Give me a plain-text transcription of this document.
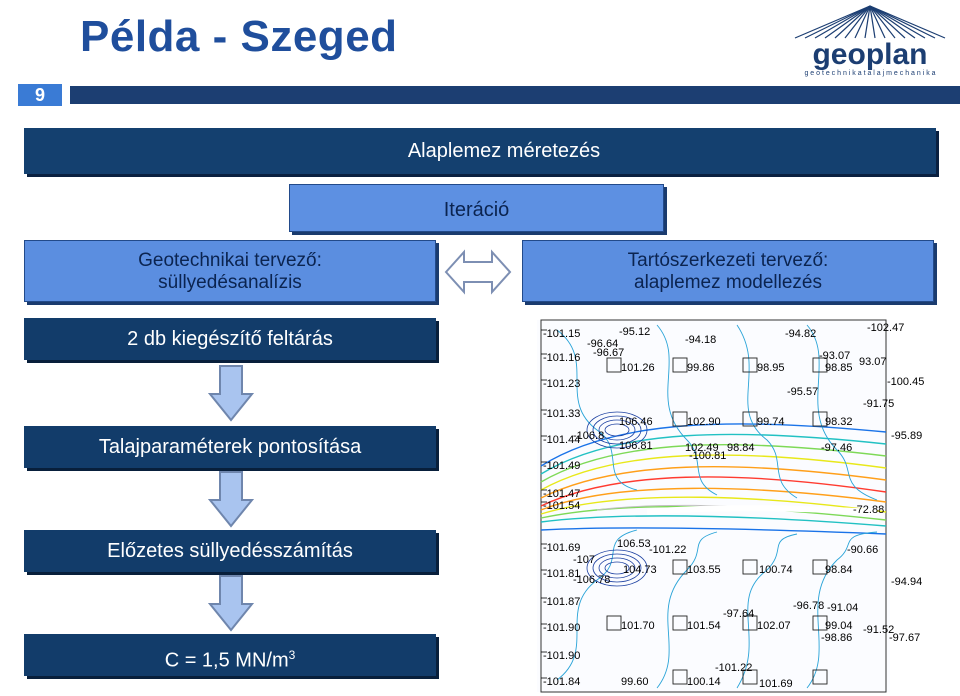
Példa - Szeged
9
geoplan
g e o t e c h n i k a t a l a j m e c h a n i k a
Alaplemez méretezés
Iteráció
Geotechnikai tervező:
süllyedésanalízis
Tartószerkezeti tervező:
alaplemez modellezés
2 db kiegészítő feltárás
Talajparaméterek pontosítása
Előzetes süllyedésszámítás
C = 1,5 $MN/m^3$
-101.15	-95.12
-96.64
-96.67
-94.18	-94.82	-102.47
-101.16	-93.07
101.26	99.86	98.95	98.85 93.07
-101.23	-100.45
-95.57
-91.75
-101.33
106.46	102.90	99.74	98.32
-101.44
-106.8
106.81	102.49 98.84	-97.46
-100.81
-95.89
-101.49
-101.47
-101.54	-72.88
-101.69	106.53
-101.22	-90.66
-107
-101.81	104.73	103.55	100.74	98.84
-106.78	-94.94
-101.87	-96.78 -91.04
-97.64
-101.90	101.70	101.54	102.07	99.04 -91.52
-98.86	-97.67
-101.90
-101.22
-101.84	99.60	100.14	101.69
